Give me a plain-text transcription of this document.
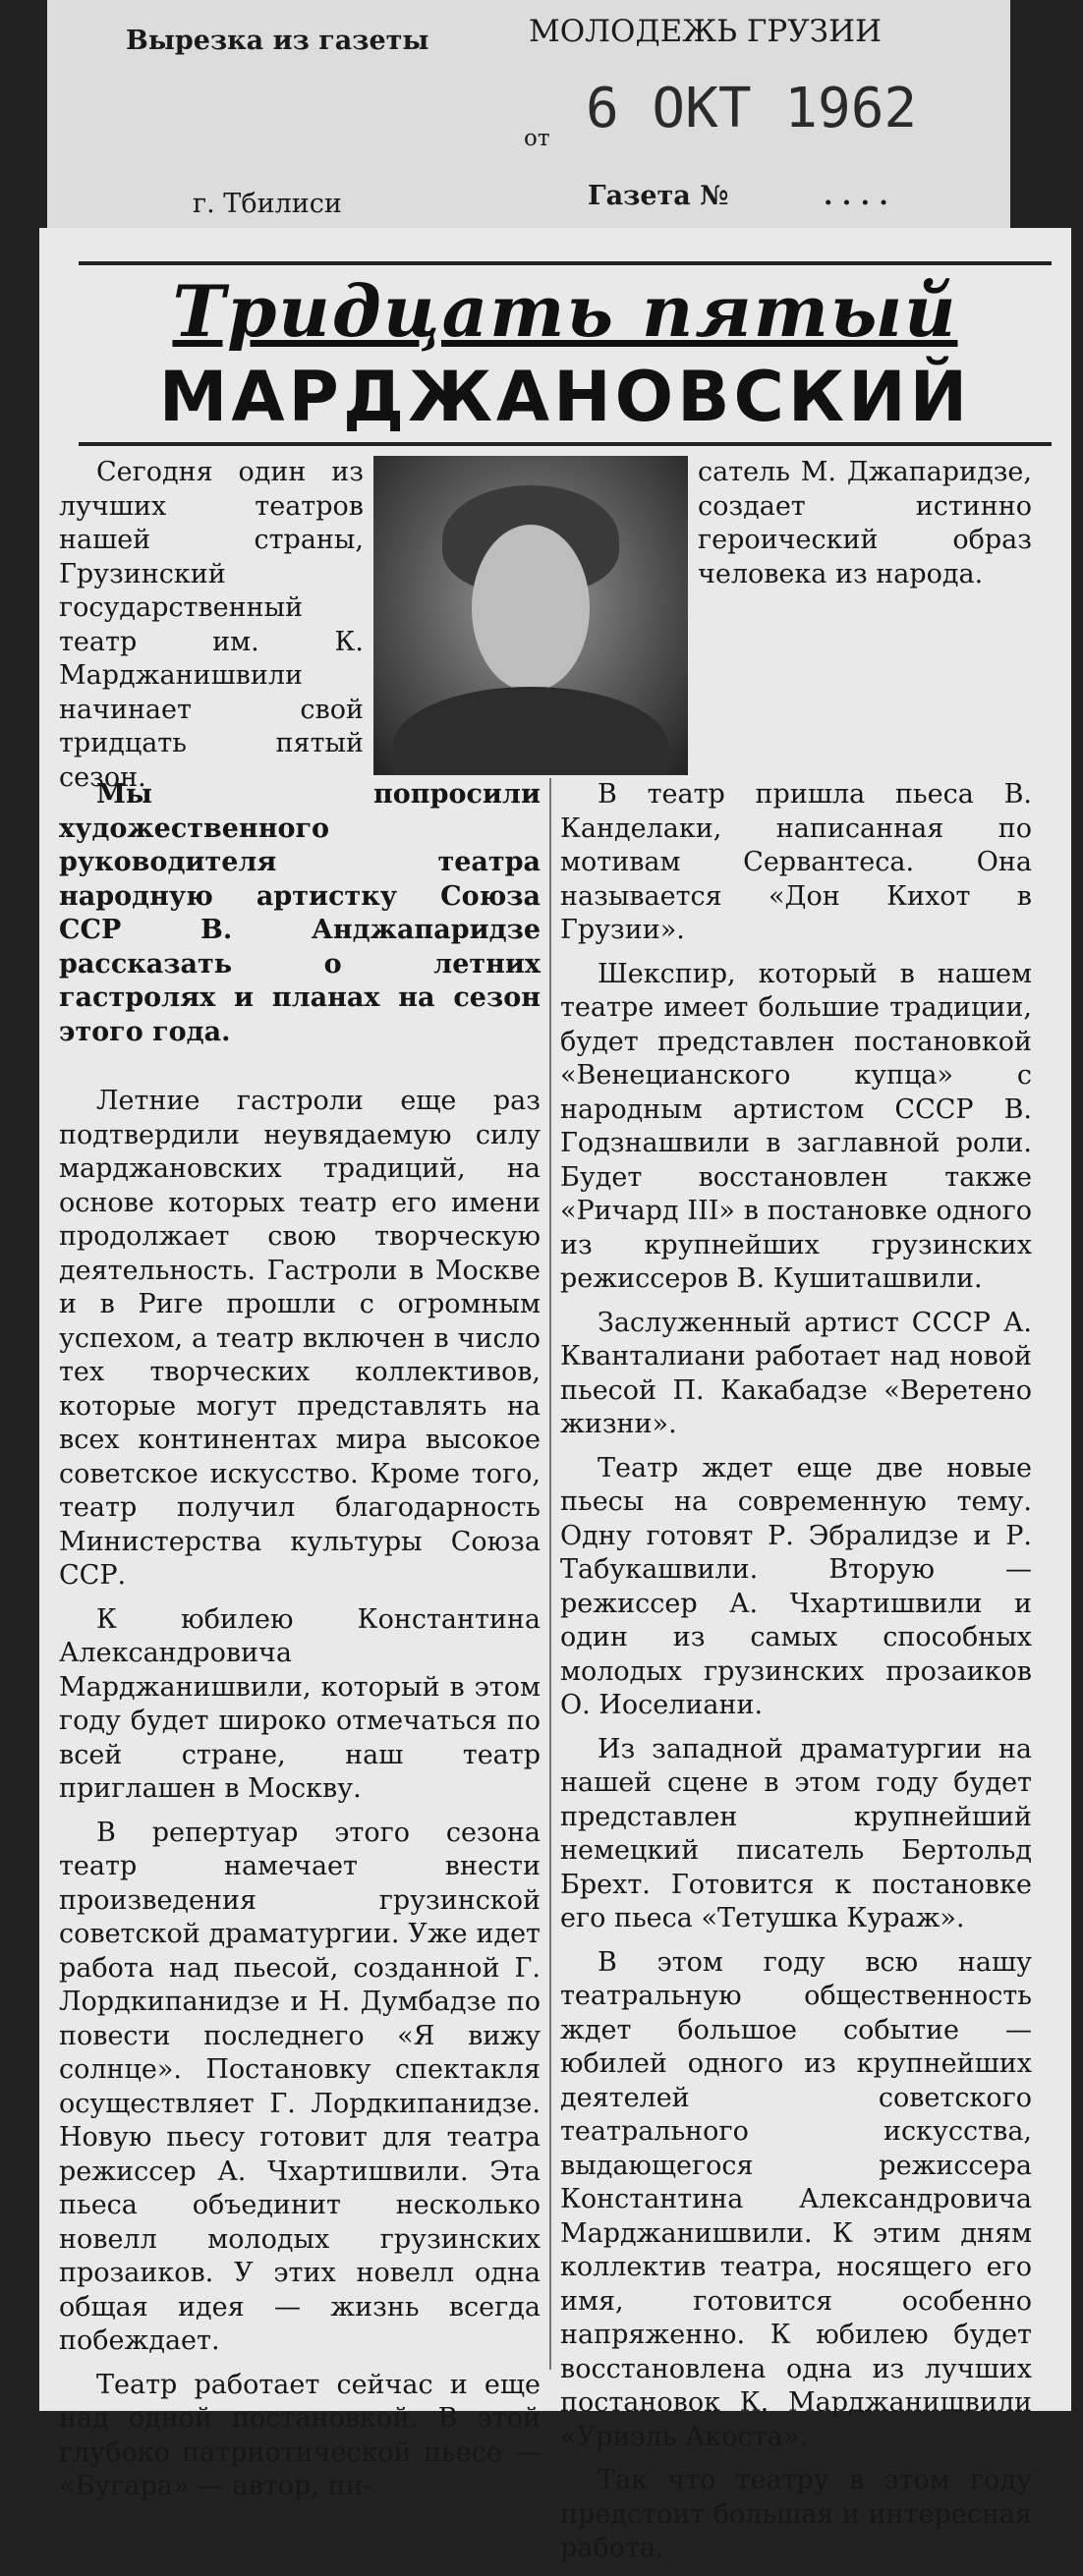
Вырезка из газеты	МОЛОДЕЖЬ ГРУЗИИ
от 6 ОКТ 1962
г. Тбилиси	Газета №	. . . .
Тридцать пятый
МАРДЖАНОВСКИЙ

Сегодня один из лучших театров нашей страны, Грузинский государственный театр им. К. Марджанишвили начинает свой тридцать пятый сезон.

Мы попросили художественного руководителя театра народную артистку Союза ССР В. Анджапаридзе рассказать о летних гастролях и планах на сезон этого года.

Летние гастроли еще раз подтвердили неувядаемую силу марджановских традиций, на основе которых театр его имени продолжает свою творческую деятельность. Гастроли в Москве и в Риге прошли с огромным успехом, а театр включен в число тех творческих коллективов, которые могут представлять на всех континентах мира высокое советское искусство. Кроме того, театр получил благодарность Министерства культуры Союза ССР.

К юбилею Константина Александровича Марджанишвили, который в этом году будет широко отмечаться по всей стране, наш театр приглашен в Москву.

В репертуар этого сезона театр намечает внести произведения грузинской советской драматургии. Уже идет работа над пьесой, созданной Г. Лордкипанидзе и Н. Думбадзе по повести последнего «Я вижу солнце». Постановку спектакля осуществляет Г. Лордкипанидзе. Новую пьесу готовит для театра режиссер А. Чхартишвили. Эта пьеса объединит несколько новелл молодых грузинских прозаиков. У этих новелл одна общая идея — жизнь всегда побеждает.

Театр работает сейчас и еще над одной постановкой. В этой глубоко патриотической пьесе — «Бугара» — автор, пи-

сатель М. Джапаридзе, создает истинно героический образ человека из народа.

В театр пришла пьеса В. Канделаки, написанная по мотивам Сервантеса. Она называется «Дон Кихот в Грузии».

Шекспир, который в нашем театре имеет большие традиции, будет представлен постановкой «Венецианского купца» с народным артистом СССР В. Годзнашвили в заглавной роли. Будет восстановлен также «Ричард III» в постановке одного из крупнейших грузинских режиссеров В. Кушиташвили.

Заслуженный артист СССР А. Кванталиани работает над новой пьесой П. Какабадзе «Веретено жизни».

Театр ждет еще две новые пьесы на современную тему. Одну готовят Р. Эбралидзе и Р. Табукашвили. Вторую — режиссер А. Чхартишвили и один из самых способных молодых грузинских прозаиков О. Иоселиани.

Из западной драматургии на нашей сцене в этом году будет представлен крупнейший немецкий писатель Бертольд Брехт. Готовится к постановке его пьеса «Тетушка Кураж».

В этом году всю нашу театральную общественность ждет большое событие — юбилей одного из крупнейших деятелей советского театрального искусства, выдающегося режиссера Константина Александровича Марджанишвили. К этим дням коллектив театра, носящего его имя, готовится особенно напряженно. К юбилею будет восстановлена одна из лучших постановок К. Марджанишвили «Уриэль Акоста».

Так что театру в этом году предстоит большая и интересная работа.
